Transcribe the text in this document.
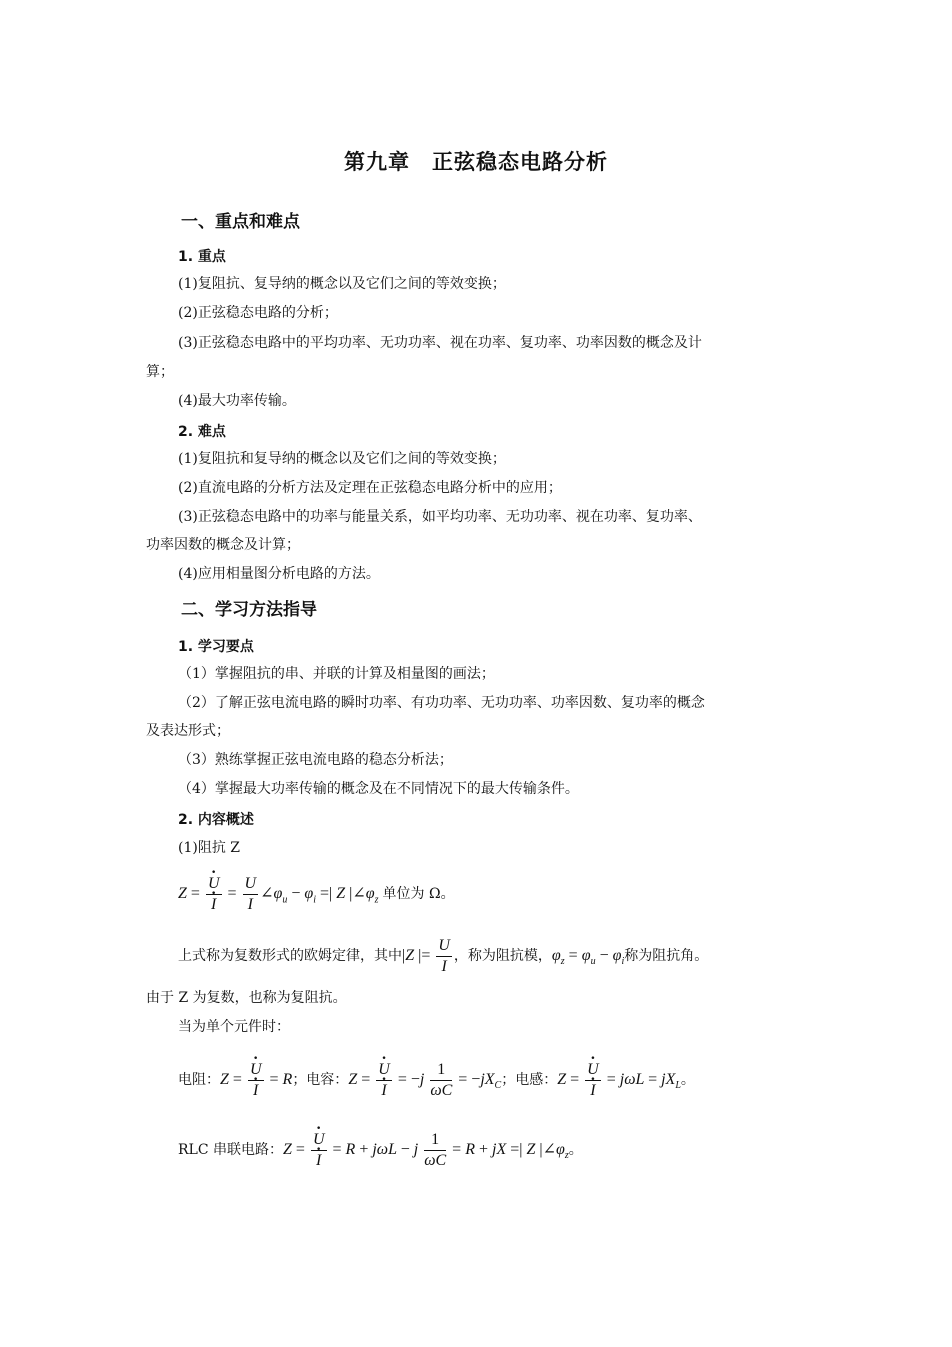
第九章　正弦稳态电路分析
一、重点和难点
1. 重点
(1)复阻抗、复导纳的概念以及它们之间的等效变换；
(2)正弦稳态电路的分析；
(3)正弦稳态电路中的平均功率、无功功率、视在功率、复功率、功率因数的概念及计
算；
(4)最大功率传输。
2. 难点
(1)复阻抗和复导纳的概念以及它们之间的等效变换；
(2)直流电路的分析方法及定理在正弦稳态电路分析中的应用；
(3)正弦稳态电路中的功率与能量关系，如平均功率、无功功率、视在功率、复功率、
功率因数的概念及计算；
(4)应用相量图分析电路的方法。
二、学习方法指导
1. 学习要点
（1）掌握阻抗的串、并联的计算及相量图的画法；
（2）了解正弦电流电路的瞬时功率、有功功率、无功功率、功率因数、复功率的概念
及表达形式；
（3）熟练掌握正弦电流电路的稳态分析法；
（4）掌握最大功率传输的概念及在不同情况下的最大传输条件。
2. 内容概述
(1)阻抗 Z
Z = · U
· $I = \frac{U}{I}$ $\angle\varphi_u - \varphi_i$ =| Z $|\angle\varphi_z$ 单位为 Ω。
上式称为复数形式的欧姆定律，其中|Z |= $\frac{U}{I}$ ，称为阻抗模，$\varphi_z = \varphi_u - \varphi_i$称为阻抗角。
由于 Z 为复数，也称为复阻抗。
当为单个元件时：
电阻：Z = · U
· I = R；电容：Z = · U
· $I = -j \frac{1}{\omega C} = -jX_C$；电感：Z = · U
· $I = j\omega L = jX_L$。
RLC 串联电路：Z = · U
· I = R + jωL − j $\frac{1}{\omega C} = R$ + jX =| Z $|\angle\varphi_z$。
